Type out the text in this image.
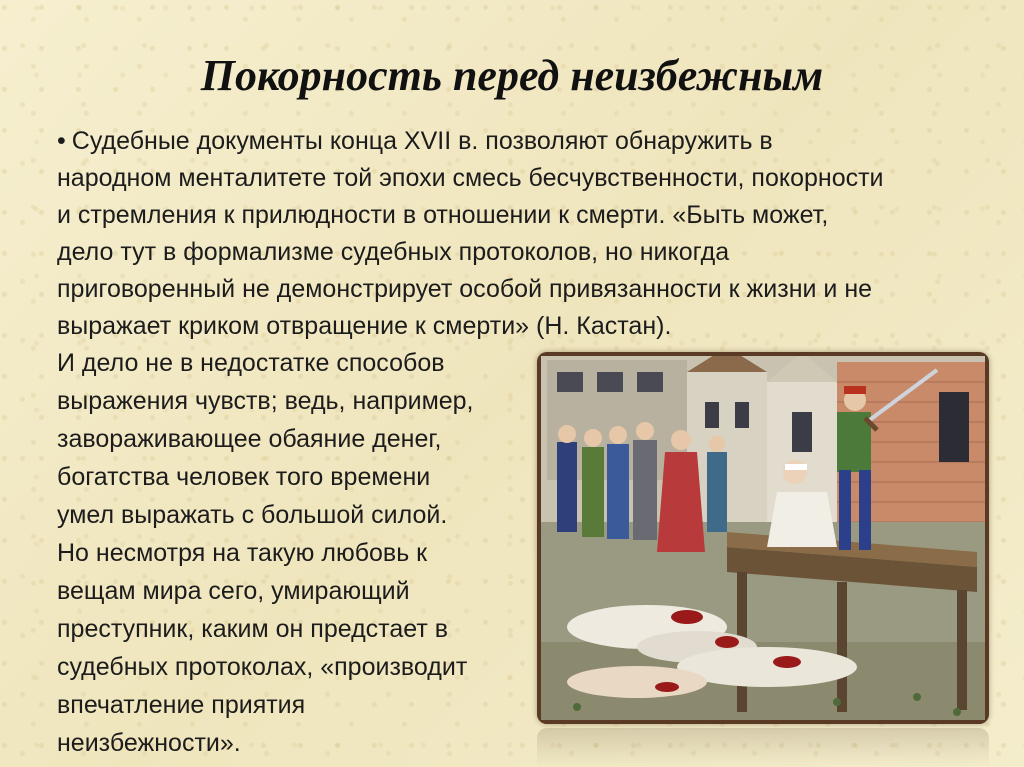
Покорность перед неизбежным
• Судебные документы конца XVII в. позволяют обнаружить в
народном менталитете той эпохи смесь бесчувственности, покорности
и стремления к прилюдности в отношении к смерти. «Быть может,
дело тут в формализме судебных протоколов, но никогда
приговоренный не демонстрирует особой привязанности к жизни и не
выражает криком отвращение к смерти» (Н. Кастан).
И дело не в недостатке способов
выражения чувств; ведь, например,
завораживающее обаяние денег,
богатства человек того времени
умел выражать с большой силой.
Но несмотря на такую любовь к
вещам мира сего, умирающий
преступник, каким он предстает в
судебных протоколах, «производит
впечатление приятия
неизбежности».
